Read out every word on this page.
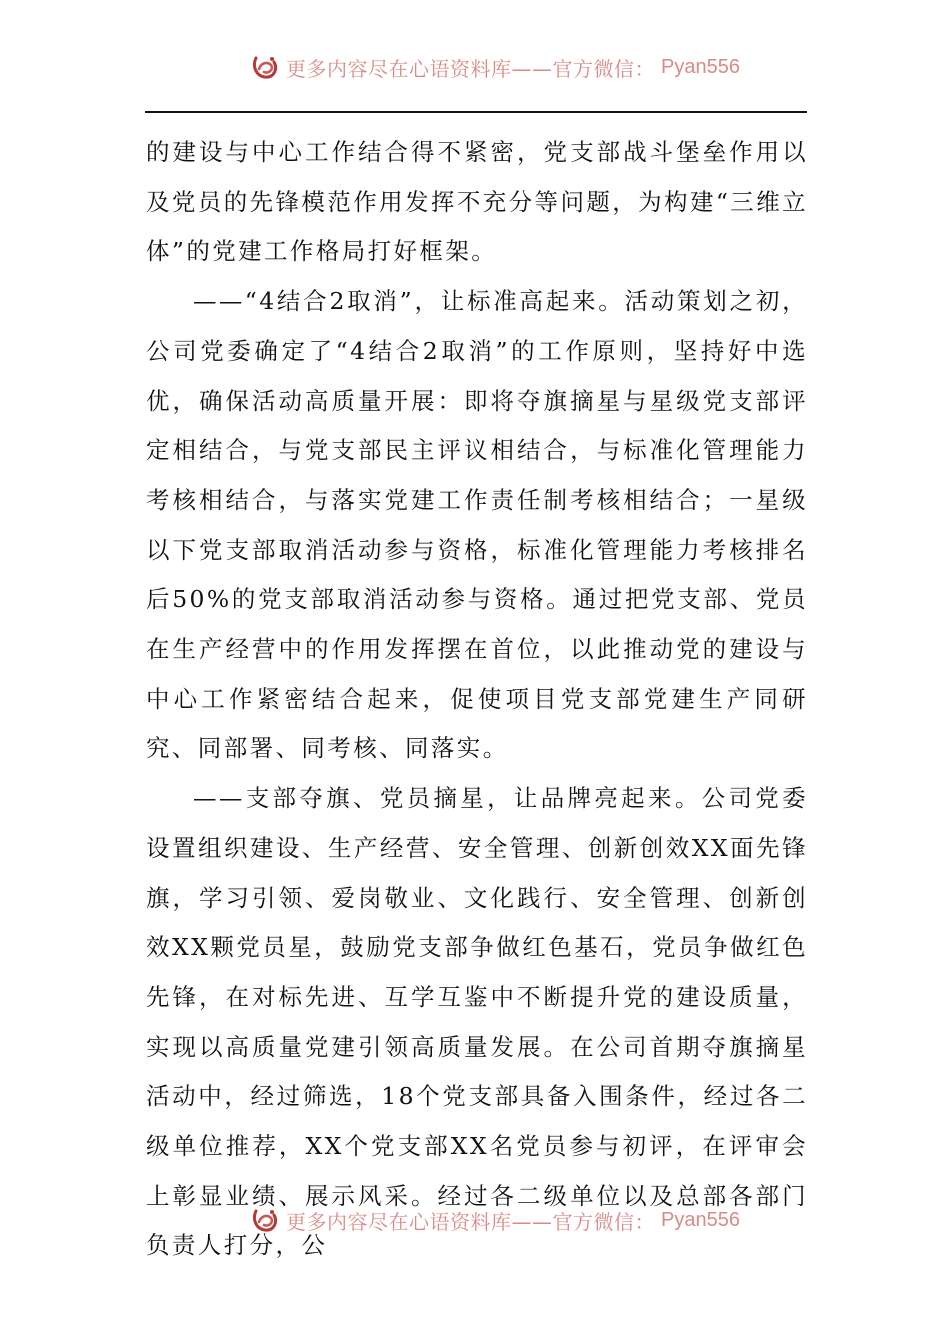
更多内容尽在心语资料库——官方微信： Pyan556

的建设与中心工作结合得不紧密，党支部战斗堡垒作用以及党员的先锋模范作用发挥不充分等问题，为构建“三维立体”的党建工作格局打好框架。

——“4结合2取消”，让标准高起来。活动策划之初，公司党委确定了“4结合2取消”的工作原则，坚持好中选优，确保活动高质量开展：即将夺旗摘星与星级党支部评定相结合，与党支部民主评议相结合，与标准化管理能力考核相结合，与落实党建工作责任制考核相结合；一星级以下党支部取消活动参与资格，标准化管理能力考核排名后50%的党支部取消活动参与资格。通过把党支部、党员在生产经营中的作用发挥摆在首位，以此推动党的建设与中心工作紧密结合起来，促使项目党支部党建生产同研究、同部署、同考核、同落实。

——支部夺旗、党员摘星，让品牌亮起来。公司党委设置组织建设、生产经营、安全管理、创新创效XX面先锋旗，学习引领、爱岗敬业、文化践行、安全管理、创新创效XX颗党员星，鼓励党支部争做红色基石，党员争做红色先锋，在对标先进、互学互鉴中不断提升党的建设质量，实现以高质量党建引领高质量发展。在公司首期夺旗摘星活动中，经过筛选，18个党支部具备入围条件，经过各二级单位推荐，XX个党支部XX名党员参与初评，在评审会上彰显业绩、展示风采。经过各二级单位以及总部各部门负责人打分，公

更多内容尽在心语资料库——官方微信： Pyan556
